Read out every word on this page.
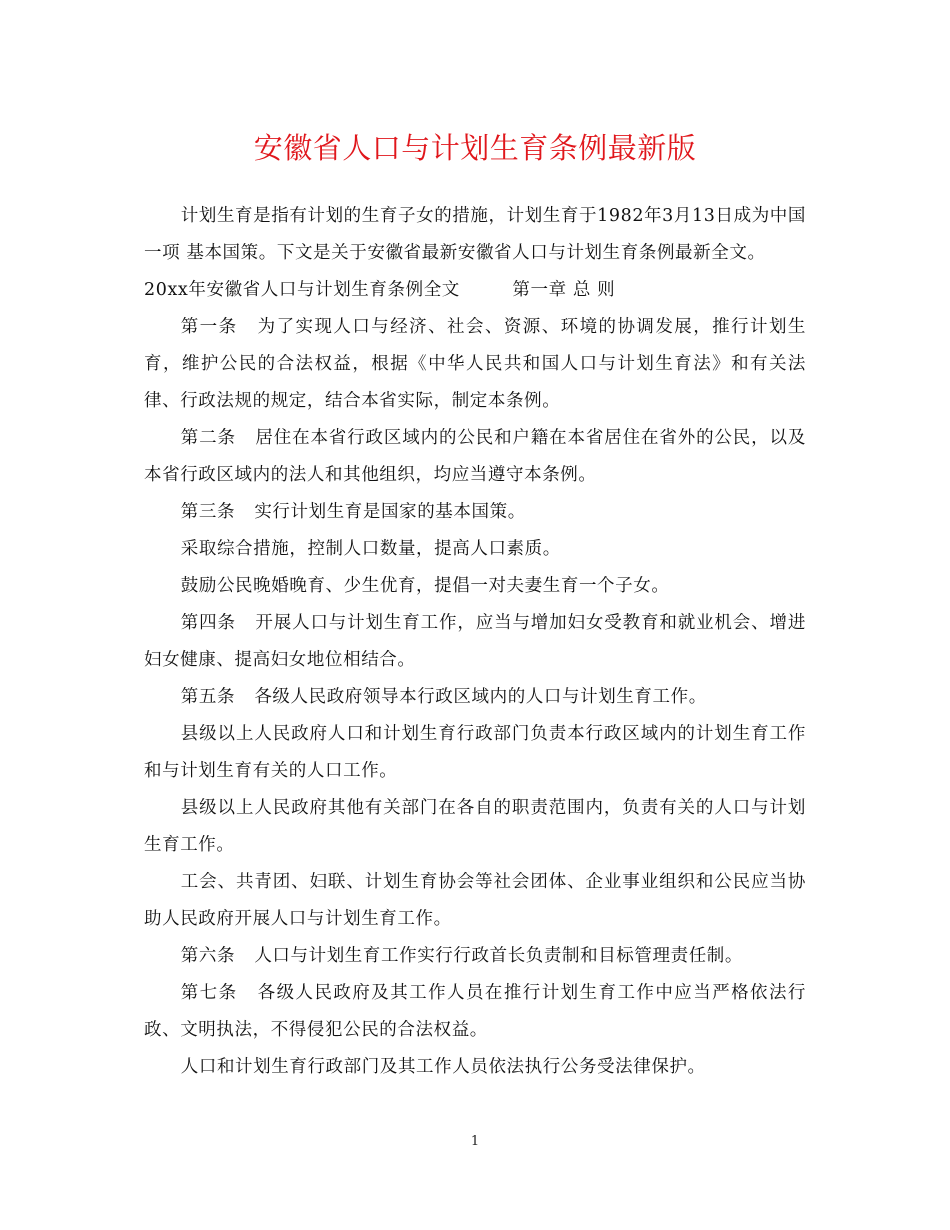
安徽省人口与计划生育条例最新版

计划生育是指有计划的生育子女的措施，计划生育于1982年3月13日成为中国一项 基本国策。下文是关于安徽省最新安徽省人口与计划生育条例最新全文。

20xx年安徽省人口与计划生育条例全文	第一章 总 则

第一条 为了实现人口与经济、社会、资源、环境的协调发展，推行计划生育，维护公民的合法权益，根据《中华人民共和国人口与计划生育法》和有关法律、行政法规的规定，结合本省实际，制定本条例。

第二条 居住在本省行政区域内的公民和户籍在本省居住在省外的公民，以及本省行政区域内的法人和其他组织，均应当遵守本条例。

第三条 实行计划生育是国家的基本国策。

采取综合措施，控制人口数量，提高人口素质。

鼓励公民晚婚晚育、少生优育，提倡一对夫妻生育一个子女。

第四条 开展人口与计划生育工作，应当与增加妇女受教育和就业机会、增进妇女健康、提高妇女地位相结合。

第五条 各级人民政府领导本行政区域内的人口与计划生育工作。

县级以上人民政府人口和计划生育行政部门负责本行政区域内的计划生育工作和与计划生育有关的人口工作。

县级以上人民政府其他有关部门在各自的职责范围内，负责有关的人口与计划生育工作。

工会、共青团、妇联、计划生育协会等社会团体、企业事业组织和公民应当协助人民政府开展人口与计划生育工作。

第六条 人口与计划生育工作实行行政首长负责制和目标管理责任制。

第七条 各级人民政府及其工作人员在推行计划生育工作中应当严格依法行政、文明执法，不得侵犯公民的合法权益。

人口和计划生育行政部门及其工作人员依法执行公务受法律保护。

1
